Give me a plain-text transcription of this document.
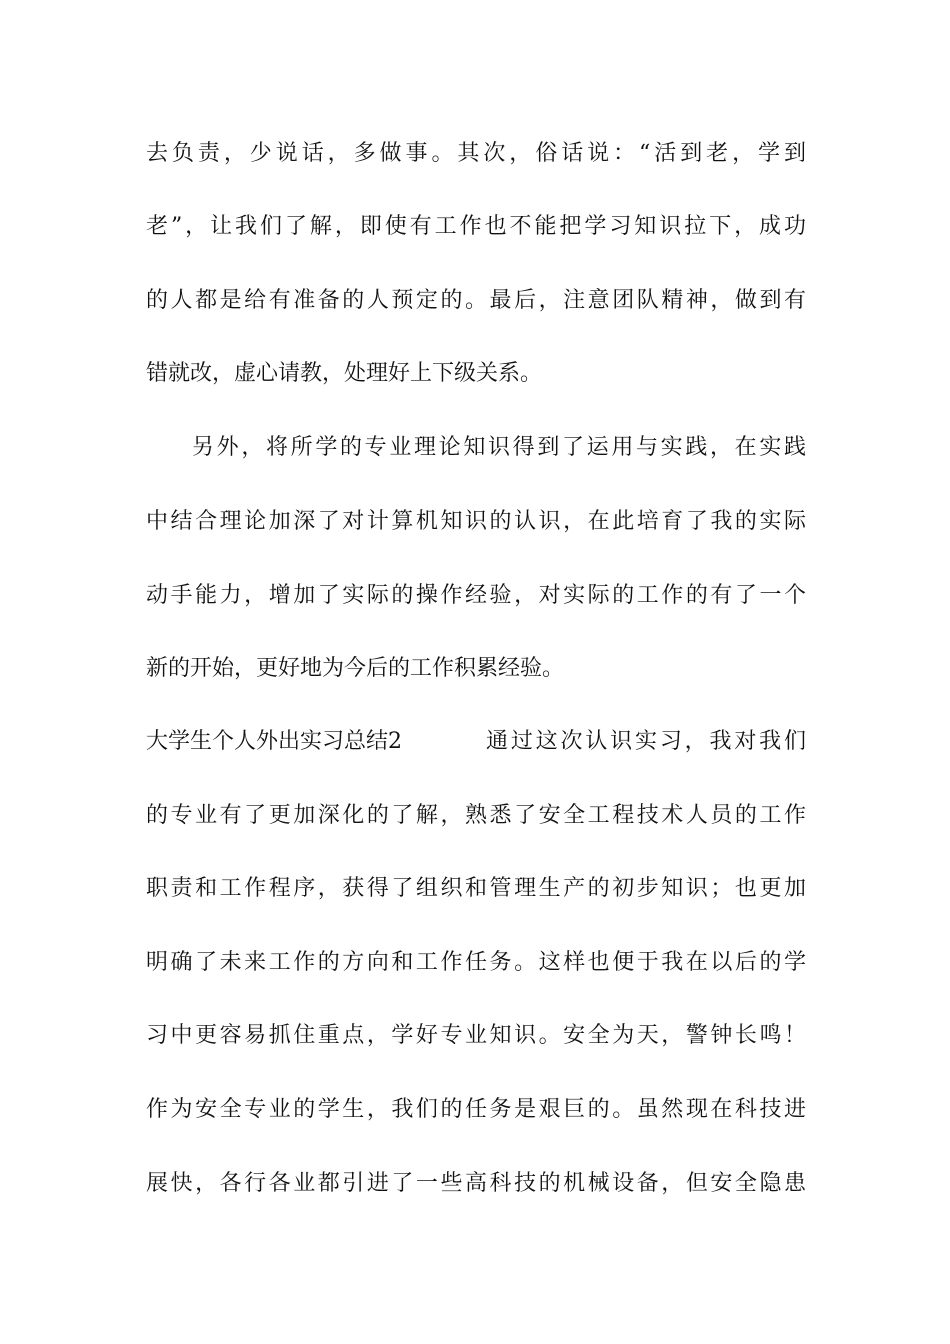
去负责，少说话，多做事。其次，俗话说：“活到老，学到
老”，让我们了解，即使有工作也不能把学习知识拉下，成功
的人都是给有准备的人预定的。最后，注意团队精神，做到有
错就改，虚心请教，处理好上下级关系。
另外，将所学的专业理论知识得到了运用与实践，在实践
中结合理论加深了对计算机知识的认识，在此培育了我的实际
动手能力，增加了实际的操作经验，对实际的工作的有了一个
新的开始，更好地为今后的工作积累经验。
大学生个人外出实习总结2	通过这次认识实习，我对我们
的专业有了更加深化的了解，熟悉了安全工程技术人员的工作
职责和工作程序，获得了组织和管理生产的初步知识；也更加
明确了未来工作的方向和工作任务。这样也便于我在以后的学
习中更容易抓住重点，学好专业知识。安全为天，警钟长鸣！
作为安全专业的学生，我们的任务是艰巨的。虽然现在科技进
展快，各行各业都引进了一些高科技的机械设备，但安全隐患
